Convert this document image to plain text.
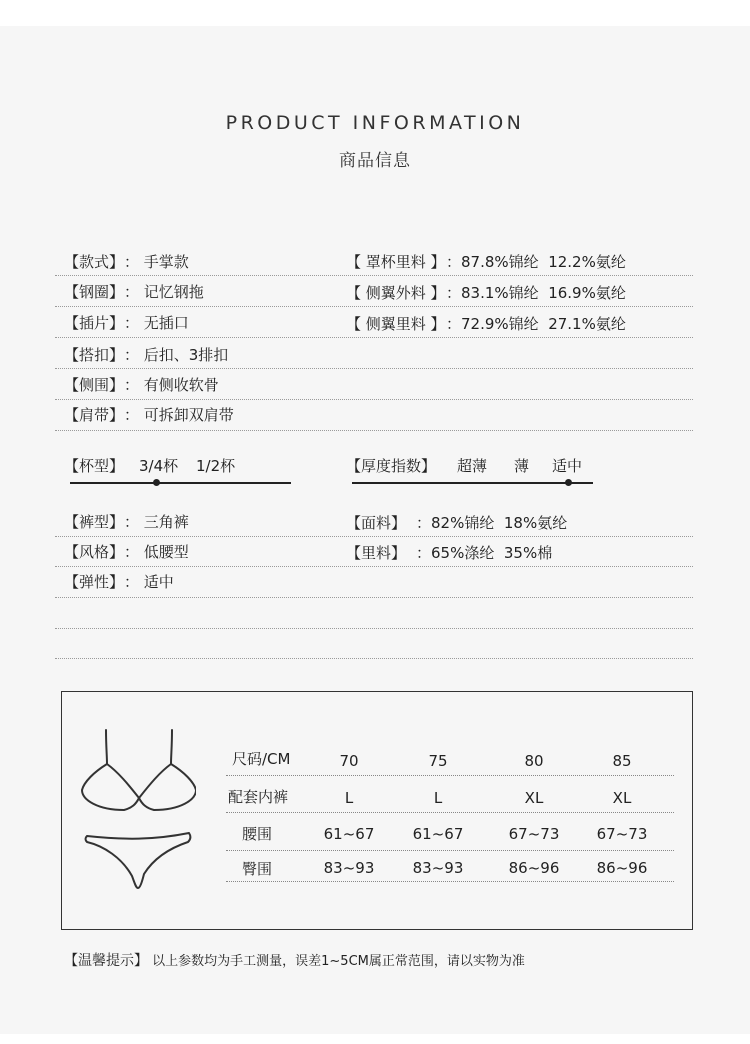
PRODUCT INFORMATION
商品信息
【款式】 ： 手掌款
【钢圈】 ： 记忆钢拖
【插片】 ： 无插口
【搭扣】 ： 后扣、3排扣
【侧围】 ： 有侧收软骨
【肩带】 ： 可拆卸双肩带
【 罩杯里料 】 ：87.8%锦纶  12.2%氨纶
【 侧翼外料 】 ：83.1%锦纶  16.9%氨纶
【 侧翼里料 】 ：72.9%锦纶  27.1%氨纶
【杯型】 3/4杯 1/2杯	【厚度指数】 超薄 薄 适中
【裤型】 ： 三角裤
【风格】 ： 低腰型
【弹性】 ： 适中
【面料】 ：82%锦纶  18%氨纶
【里料】 ：65%涤纶  35%棉
尺码/CM	70	75	80	85
配套内裤	L	L	XL	XL
腰围	61~67	61~67	67~73	67~73
臀围	83~93	83~93	86~96	86~96
【温馨提示】 以上参数均为手工测量，误差1~5CM属正常范围，请以实物为准
